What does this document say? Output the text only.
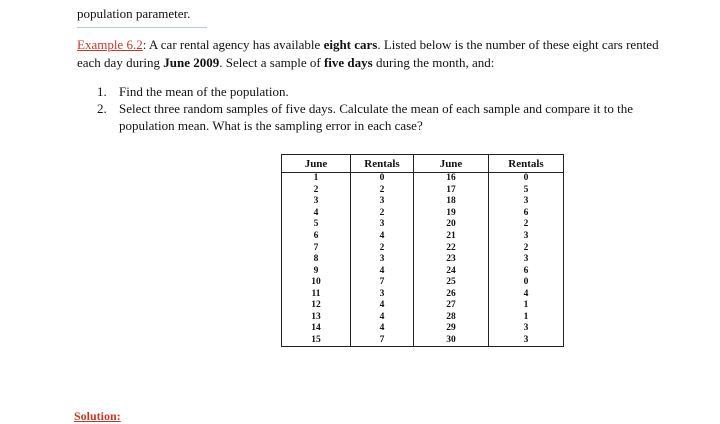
population parameter.
Example 6.2: A car rental agency has available eight cars. Listed below is the number of these eight cars rented each day during June 2009. Select a sample of five days during the month, and:
1. Find the mean of the population.
2. Select three random samples of five days. Calculate the mean of each sample and compare it to the population mean. What is the sampling error in each case?
June	Rentals	June	Rentals
1	0	16	0
2	2	17	5
3	3	18	3
4	2	19	6
5	3	20	2
6	4	21	3
7	2	22	2
8	3	23	3
9	4	24	6
10	7	25	0
11	3	26	4
12	4	27	1
13	4	28	1
14	4	29	3
15	7	30	3
Solution:
